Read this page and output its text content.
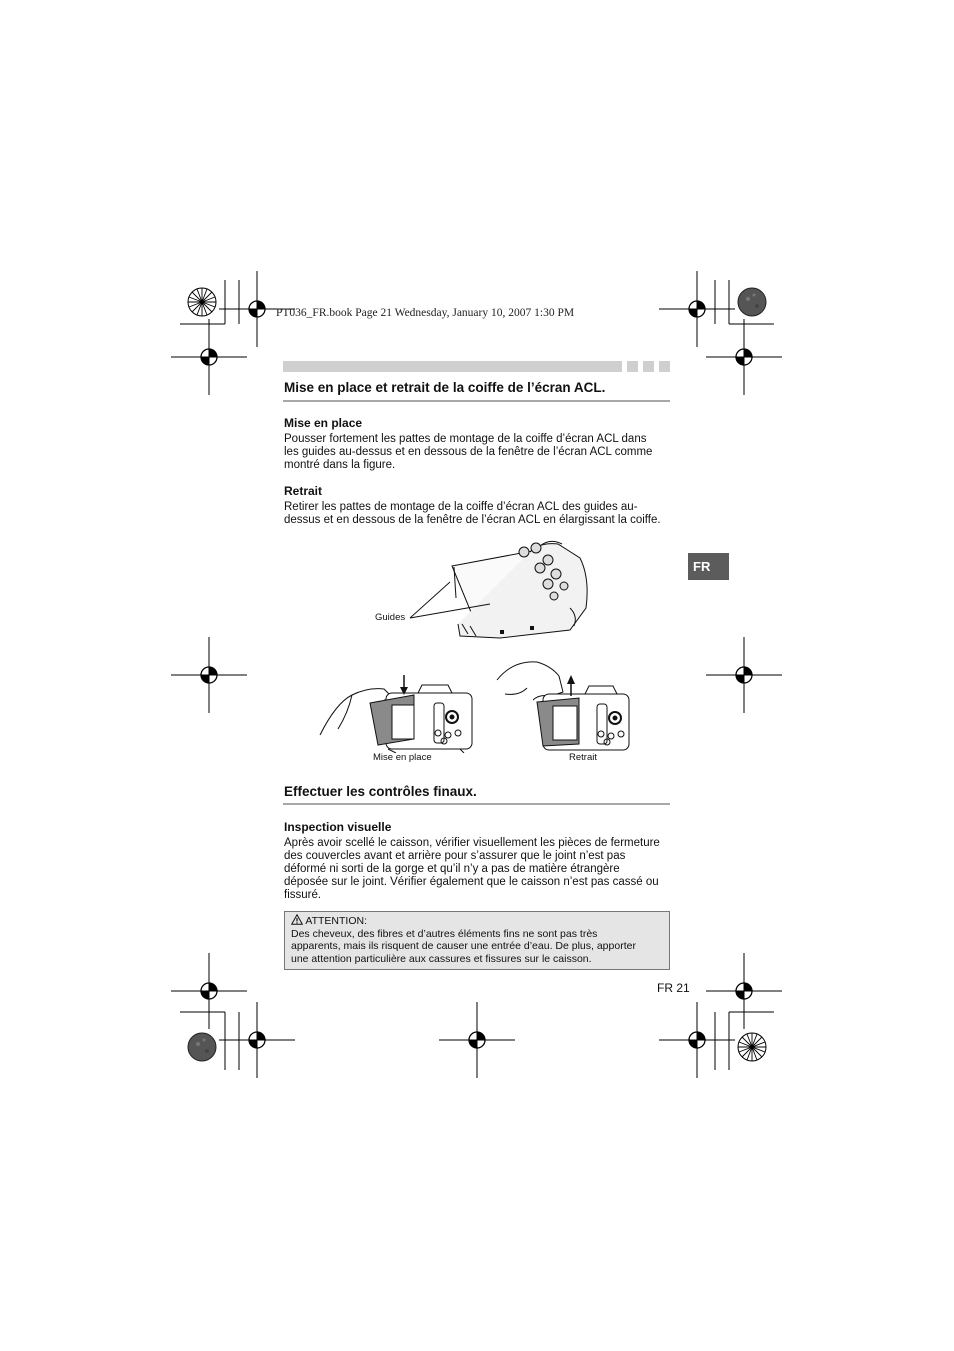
PT036_FR.book Page 21 Wednesday, January 10, 2007 1:30 PM
Mise en place et retrait de la coiffe de l’écran ACL.
Mise en place
Pousser fortement les pattes de montage de la coiffe d’écran ACL dans
les guides au-dessus et en dessous de la fenêtre de l’écran ACL comme
montré dans la figure.
Retrait
Retirer les pattes de montage de la coiffe d’écran ACL des guides au-
dessus et en dessous de la fenêtre de l’écran ACL en élargissant la coiffe.
FR
Guides
Mise en place	Retrait
Effectuer les contrôles finaux.
Inspection visuelle
Après avoir scellé le caisson, vérifier visuellement les pièces de fermeture
des couvercles avant et arrière pour s’assurer que le joint n’est pas
déformé ni sorti de la gorge et qu’il n’y a pas de matière étrangère
déposée sur le joint. Vérifier également que le caisson n’est pas cassé ou
fissuré.
ATTENTION:
Des cheveux, des fibres et d’autres éléments fins ne sont pas très
apparents, mais ils risquent de causer une entrée d’eau. De plus, apporter
une attention particulière aux cassures et fissures sur le caisson.
FR 21
